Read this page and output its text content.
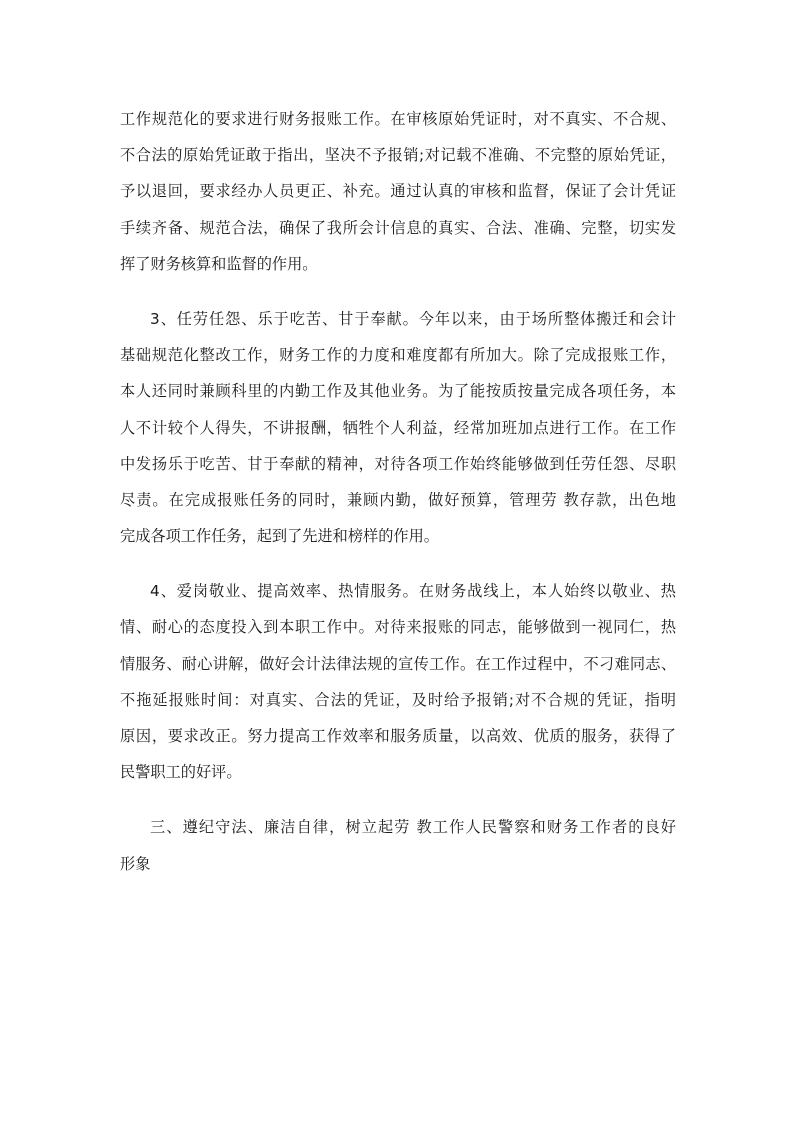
工作规范化的要求进行财务报账工作。在审核原始凭证时，对不真实、不合规、
不合法的原始凭证敢于指出，坚决不予报销;对记载不准确、不完整的原始凭证，
予以退回，要求经办人员更正、补充。通过认真的审核和监督，保证了会计凭证
手续齐备、规范合法，确保了我所会计信息的真实、合法、准确、完整，切实发
挥了财务核算和监督的作用。
3、任劳任怨、乐于吃苦、甘于奉献。今年以来，由于场所整体搬迁和会计
基础规范化整改工作，财务工作的力度和难度都有所加大。除了完成报账工作，
本人还同时兼顾科里的内勤工作及其他业务。为了能按质按量完成各项任务，本
人不计较个人得失，不讲报酬，牺牲个人利益，经常加班加点进行工作。在工作
中发扬乐于吃苦、甘于奉献的精神，对待各项工作始终能够做到任劳任怨、尽职
尽责。在完成报账任务的同时，兼顾内勤，做好预算，管理劳 教存款，出色地
完成各项工作任务，起到了先进和榜样的作用。
4、爱岗敬业、提高效率、热情服务。在财务战线上，本人始终以敬业、热
情、耐心的态度投入到本职工作中。对待来报账的同志，能够做到一视同仁，热
情服务、耐心讲解，做好会计法律法规的宣传工作。在工作过程中，不刁难同志、
不拖延报账时间：对真实、合法的凭证，及时给予报销;对不合规的凭证，指明
原因，要求改正。努力提高工作效率和服务质量，以高效、优质的服务，获得了
民警职工的好评。
三、遵纪守法、廉洁自律，树立起劳 教工作人民警察和财务工作者的良好
形象
